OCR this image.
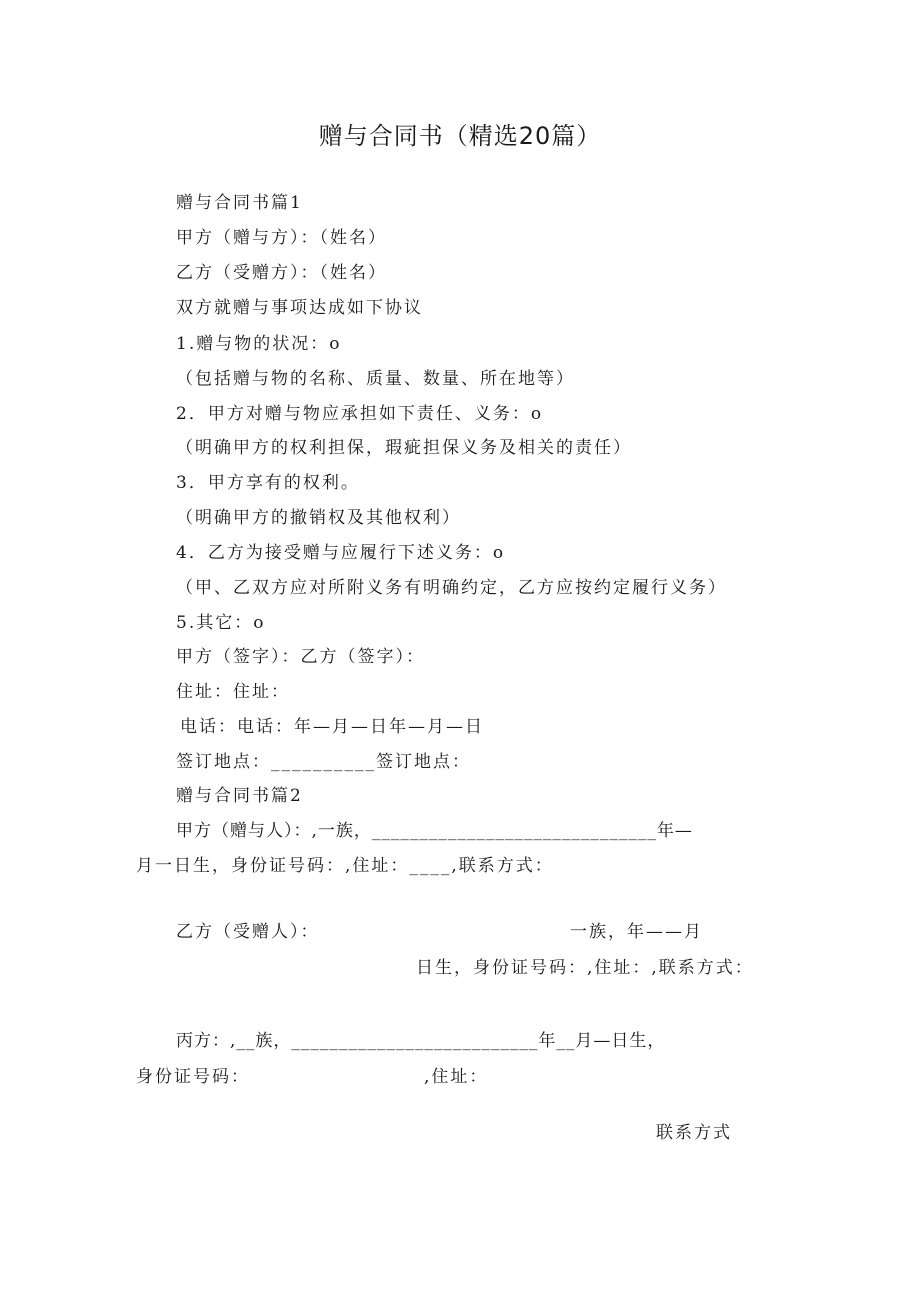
赠与合同书（精选20篇）
赠与合同书篇1
甲方（赠与方）：（姓名）
乙方（受赠方）：（姓名）
双方就赠与事项达成如下协议
1.赠与物的状况：o
（包括赠与物的名称、质量、数量、所在地等）
2．甲方对赠与物应承担如下责任、义务：o
（明确甲方的权利担保，瑕疵担保义务及相关的责任）
3．甲方享有的权利。
（明确甲方的撤销权及其他权利）
4．乙方为接受赠与应履行下述义务：o
（甲、乙双方应对所附义务有明确约定，乙方应按约定履行义务）
5.其它：o
甲方（签字）：乙方（签字）：
住址：住址：
电话：电话：年—月—日年—月—日
签订地点：__________签订地点：
赠与合同书篇2
甲方（赠与人）：,一族，______________________________年—
月一日生，身份证号码：,住址：____,联系方式：
乙方（受赠人）：	一族，年——月
日生，身份证号码：,住址：,联系方式：
丙方：,__族，__________________________年__月—日生，
身份证号码：	,住址：
联系方式
